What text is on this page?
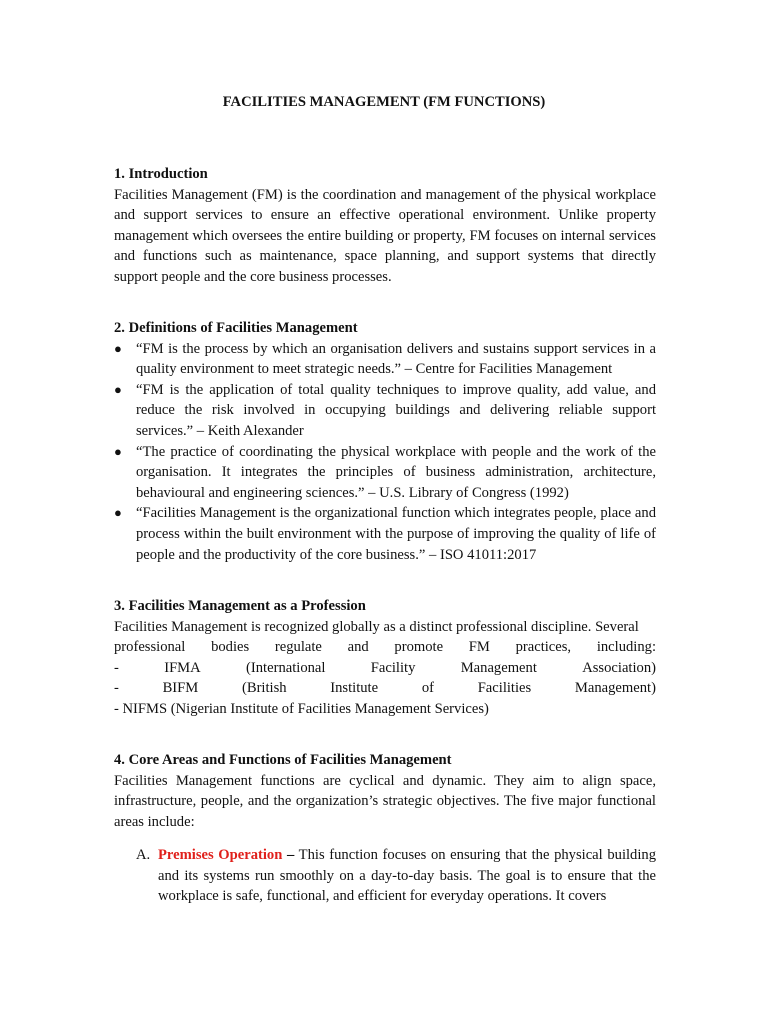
FACILITIES MANAGEMENT (FM FUNCTIONS)

1. Introduction

Facilities Management (FM) is the coordination and management of the physical workplace and support services to ensure an effective operational environment. Unlike property management which oversees the entire building or property, FM focuses on internal services and functions such as maintenance, space planning, and support systems that directly support people and the core business processes.

2. Definitions of Facilities Management

● “FM is the process by which an organisation delivers and sustains support services in a quality environment to meet strategic needs.” – Centre for Facilities Management
● “FM is the application of total quality techniques to improve quality, add value, and reduce the risk involved in occupying buildings and delivering reliable support services.” – Keith Alexander
● “The practice of coordinating the physical workplace with people and the work of the organisation. It integrates the principles of business administration, architecture, behavioural and engineering sciences.” – U.S. Library of Congress (1992)
● “Facilities Management is the organizational function which integrates people, place and process within the built environment with the purpose of improving the quality of life of people and the productivity of the core business.” – ISO 41011:2017

3. Facilities Management as a Profession

Facilities Management is recognized globally as a distinct professional discipline. Several

professional bodies regulate and promote FM practices, including:
-	IFMA	(International	Facility	Management	Association)
-	BIFM	(British	Institute	of	Facilities	Management)

- NIFMS (Nigerian Institute of Facilities Management Services)

4. Core Areas and Functions of Facilities Management

Facilities Management functions are cyclical and dynamic. They aim to align space, infrastructure, people, and the organization’s strategic objectives. The five major functional areas include:

A. Premises Operation – This function focuses on ensuring that the physical building and its systems run smoothly on a day-to-day basis. The goal is to ensure that the workplace is safe, functional, and efficient for everyday operations. It covers
